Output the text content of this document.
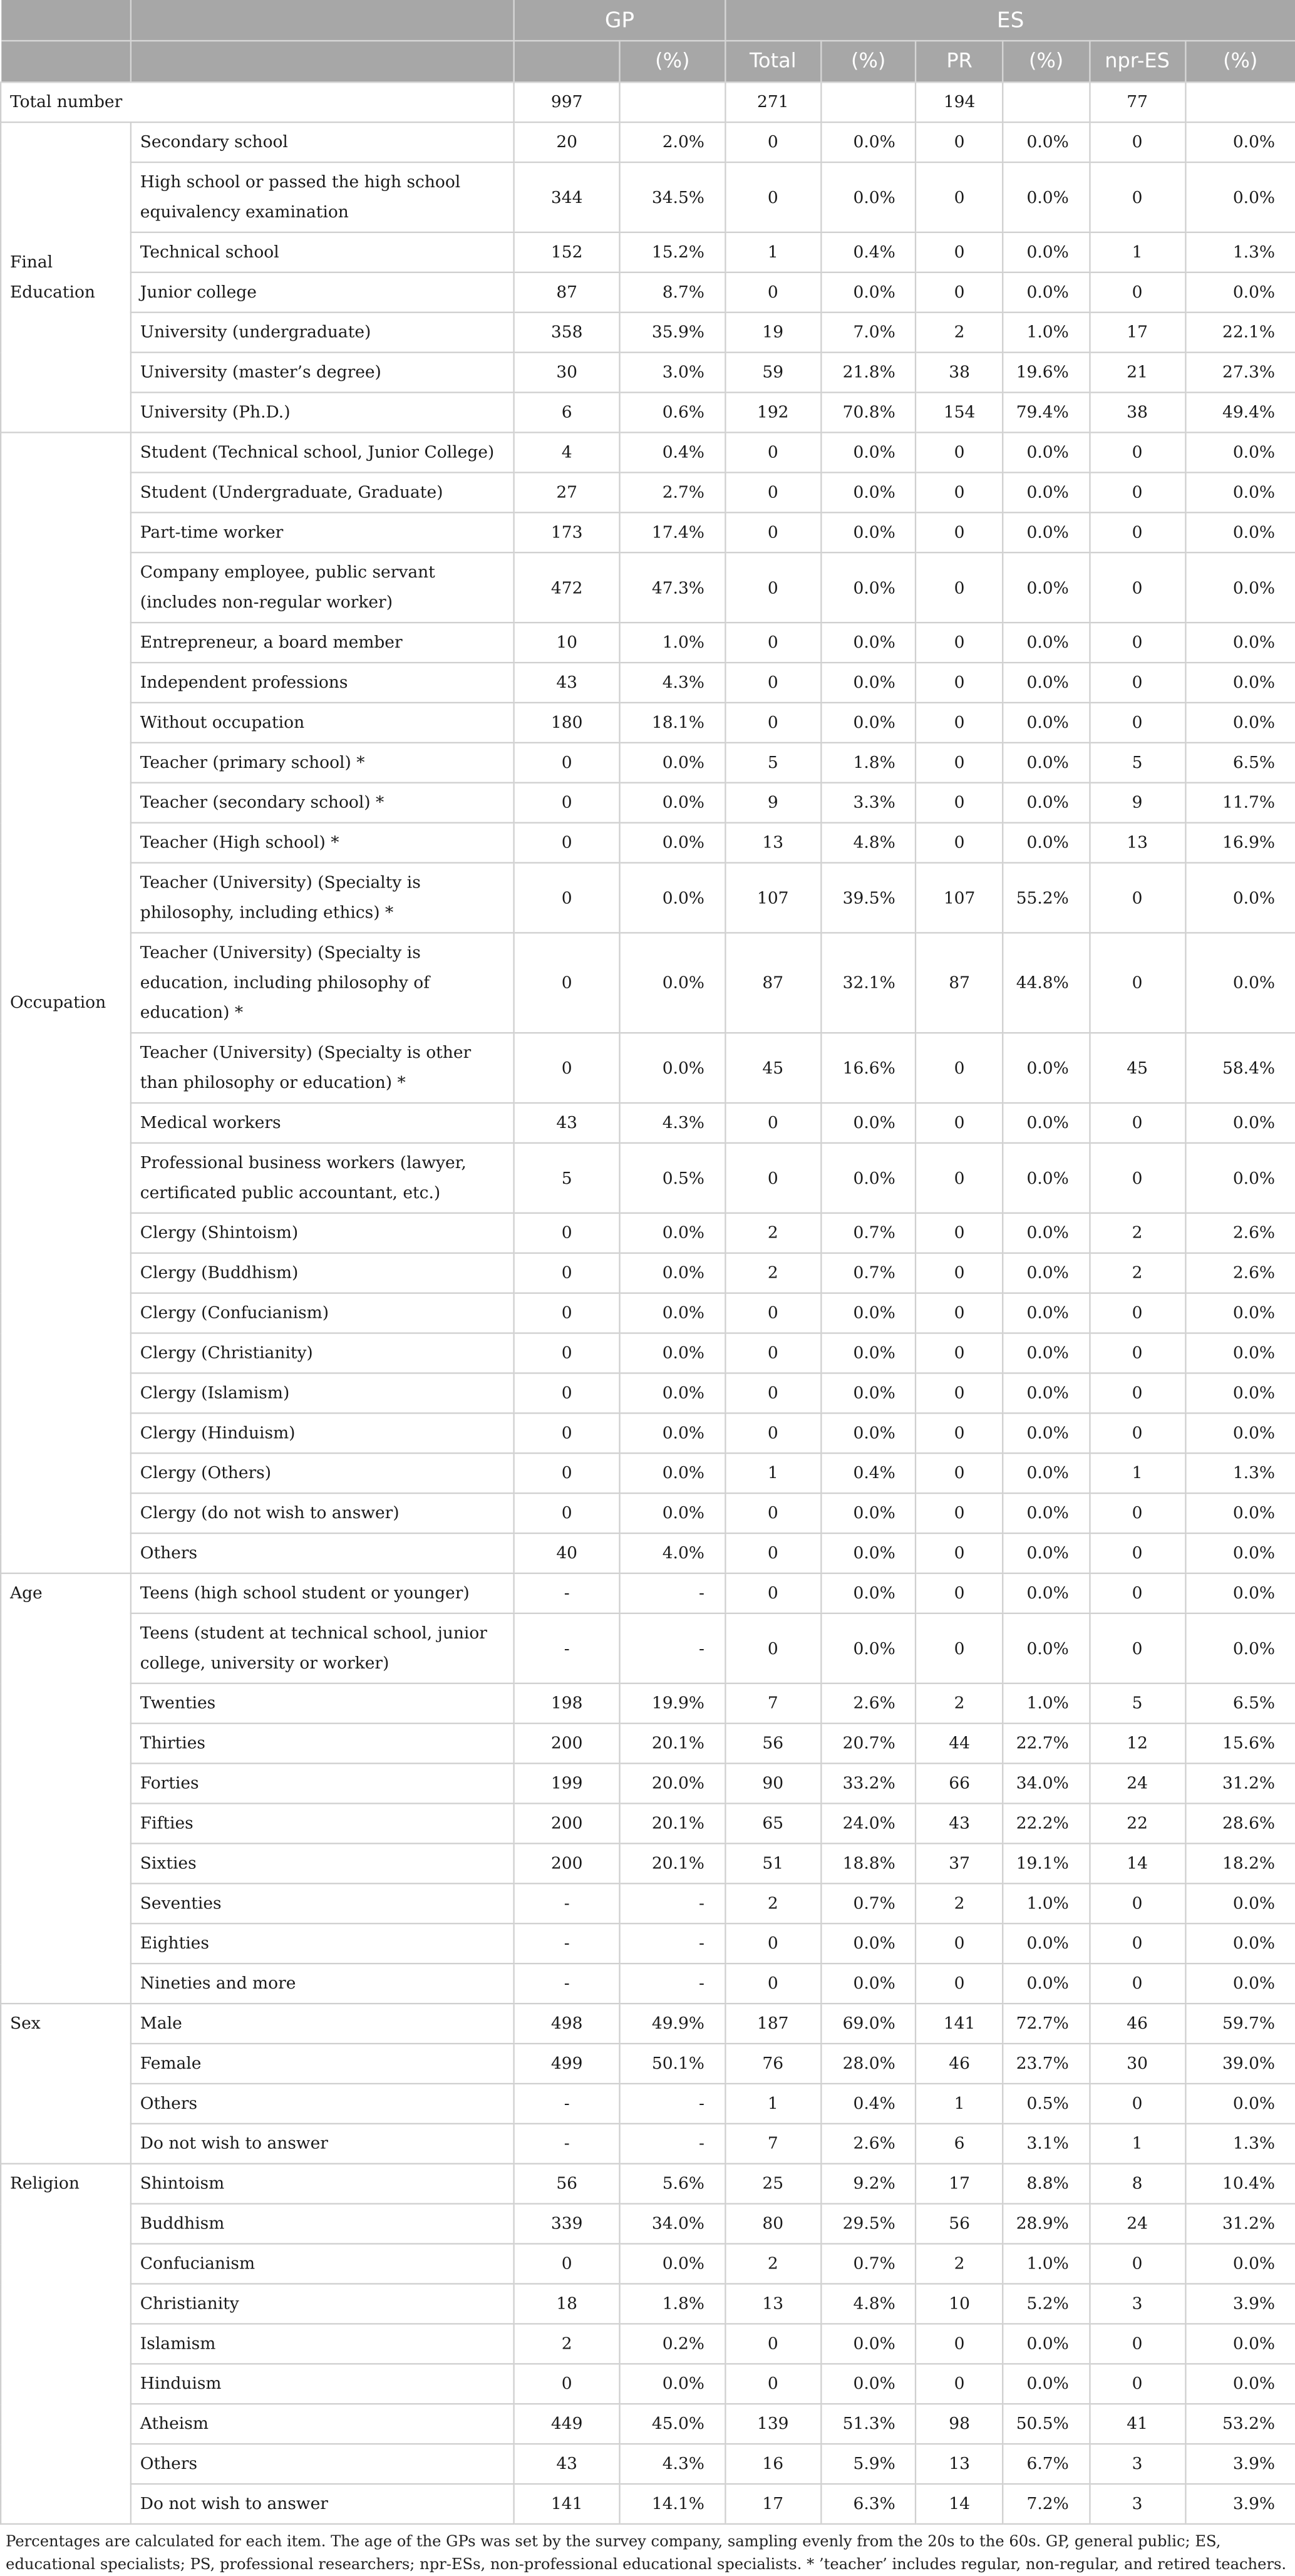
		GP		ES					
			(%)	Total	(%)	PR	(%)	npr-ES	(%)
Total number		997		271		194		77	
Final Education	Secondary school	20	2.0%	0	0.0%	0	0.0%	0	0.0%
	High school or passed the high school equivalency examination	344	34.5%	0	0.0%	0	0.0%	0	0.0%
	Technical school	152	15.2%	1	0.4%	0	0.0%	1	1.3%
	Junior college	87	8.7%	0	0.0%	0	0.0%	0	0.0%
	University (undergraduate)	358	35.9%	19	7.0%	2	1.0%	17	22.1%
	University (master’s degree)	30	3.0%	59	21.8%	38	19.6%	21	27.3%
	University (Ph.D.)	6	0.6%	192	70.8%	154	79.4%	38	49.4%
Occupation	Student (Technical school, Junior College)	4	0.4%	0	0.0%	0	0.0%	0	0.0%
	Student (Undergraduate, Graduate)	27	2.7%	0	0.0%	0	0.0%	0	0.0%
	Part-time worker	173	17.4%	0	0.0%	0	0.0%	0	0.0%
	Company employee, public servant (includes non-regular worker)	472	47.3%	0	0.0%	0	0.0%	0	0.0%
	Entrepreneur, a board member	10	1.0%	0	0.0%	0	0.0%	0	0.0%
	Independent professions	43	4.3%	0	0.0%	0	0.0%	0	0.0%
	Without occupation	180	18.1%	0	0.0%	0	0.0%	0	0.0%
	Teacher (primary school) *	0	0.0%	5	1.8%	0	0.0%	5	6.5%
	Teacher (secondary school) *	0	0.0%	9	3.3%	0	0.0%	9	11.7%
	Teacher (High school) *	0	0.0%	13	4.8%	0	0.0%	13	16.9%
	Teacher (University) (Specialty is philosophy, including ethics) *	0	0.0%	107	39.5%	107	55.2%	0	0.0%
	Teacher (University) (Specialty is education, including philosophy of education) *	0	0.0%	87	32.1%	87	44.8%	0	0.0%
	Teacher (University) (Specialty is other than philosophy or education) *	0	0.0%	45	16.6%	0	0.0%	45	58.4%
	Medical workers	43	4.3%	0	0.0%	0	0.0%	0	0.0%
	Professional business workers (lawyer, certificated public accountant, etc.)	5	0.5%	0	0.0%	0	0.0%	0	0.0%
	Clergy (Shintoism)	0	0.0%	2	0.7%	0	0.0%	2	2.6%
	Clergy (Buddhism)	0	0.0%	2	0.7%	0	0.0%	2	2.6%
	Clergy (Confucianism)	0	0.0%	0	0.0%	0	0.0%	0	0.0%
	Clergy (Christianity)	0	0.0%	0	0.0%	0	0.0%	0	0.0%
	Clergy (Islamism)	0	0.0%	0	0.0%	0	0.0%	0	0.0%
	Clergy (Hinduism)	0	0.0%	0	0.0%	0	0.0%	0	0.0%
	Clergy (Others)	0	0.0%	1	0.4%	0	0.0%	1	1.3%
	Clergy (do not wish to answer)	0	0.0%	0	0.0%	0	0.0%	0	0.0%
	Others	40	4.0%	0	0.0%	0	0.0%	0	0.0%
Age	Teens (high school student or younger)	-	-	0	0.0%	0	0.0%	0	0.0%
	Teens (student at technical school, junior college, university or worker)	-	-	0	0.0%	0	0.0%	0	0.0%
	Twenties	198	19.9%	7	2.6%	2	1.0%	5	6.5%
	Thirties	200	20.1%	56	20.7%	44	22.7%	12	15.6%
	Forties	199	20.0%	90	33.2%	66	34.0%	24	31.2%
	Fifties	200	20.1%	65	24.0%	43	22.2%	22	28.6%
	Sixties	200	20.1%	51	18.8%	37	19.1%	14	18.2%
	Seventies	-	-	2	0.7%	2	1.0%	0	0.0%
	Eighties	-	-	0	0.0%	0	0.0%	0	0.0%
	Nineties and more	-	-	0	0.0%	0	0.0%	0	0.0%
Sex	Male	498	49.9%	187	69.0%	141	72.7%	46	59.7%
	Female	499	50.1%	76	28.0%	46	23.7%	30	39.0%
	Others	-	-	1	0.4%	1	0.5%	0	0.0%
	Do not wish to answer	-	-	7	2.6%	6	3.1%	1	1.3%
Religion	Shintoism	56	5.6%	25	9.2%	17	8.8%	8	10.4%
	Buddhism	339	34.0%	80	29.5%	56	28.9%	24	31.2%
	Confucianism	0	0.0%	2	0.7%	2	1.0%	0	0.0%
	Christianity	18	1.8%	13	4.8%	10	5.2%	3	3.9%
	Islamism	2	0.2%	0	0.0%	0	0.0%	0	0.0%
	Hinduism	0	0.0%	0	0.0%	0	0.0%	0	0.0%
	Atheism	449	45.0%	139	51.3%	98	50.5%	41	53.2%
	Others	43	4.3%	16	5.9%	13	6.7%	3	3.9%
	Do not wish to answer	141	14.1%	17	6.3%	14	7.2%	3	3.9%
Percentages are calculated for each item. The age of the GPs was set by the survey company, sampling evenly from the 20s to the 60s. GP, general public; ES, educational specialists; PS, professional researchers; npr-ESs, non-professional educational specialists. * ’teacher’ includes regular, non-regular, and retired teachers.
